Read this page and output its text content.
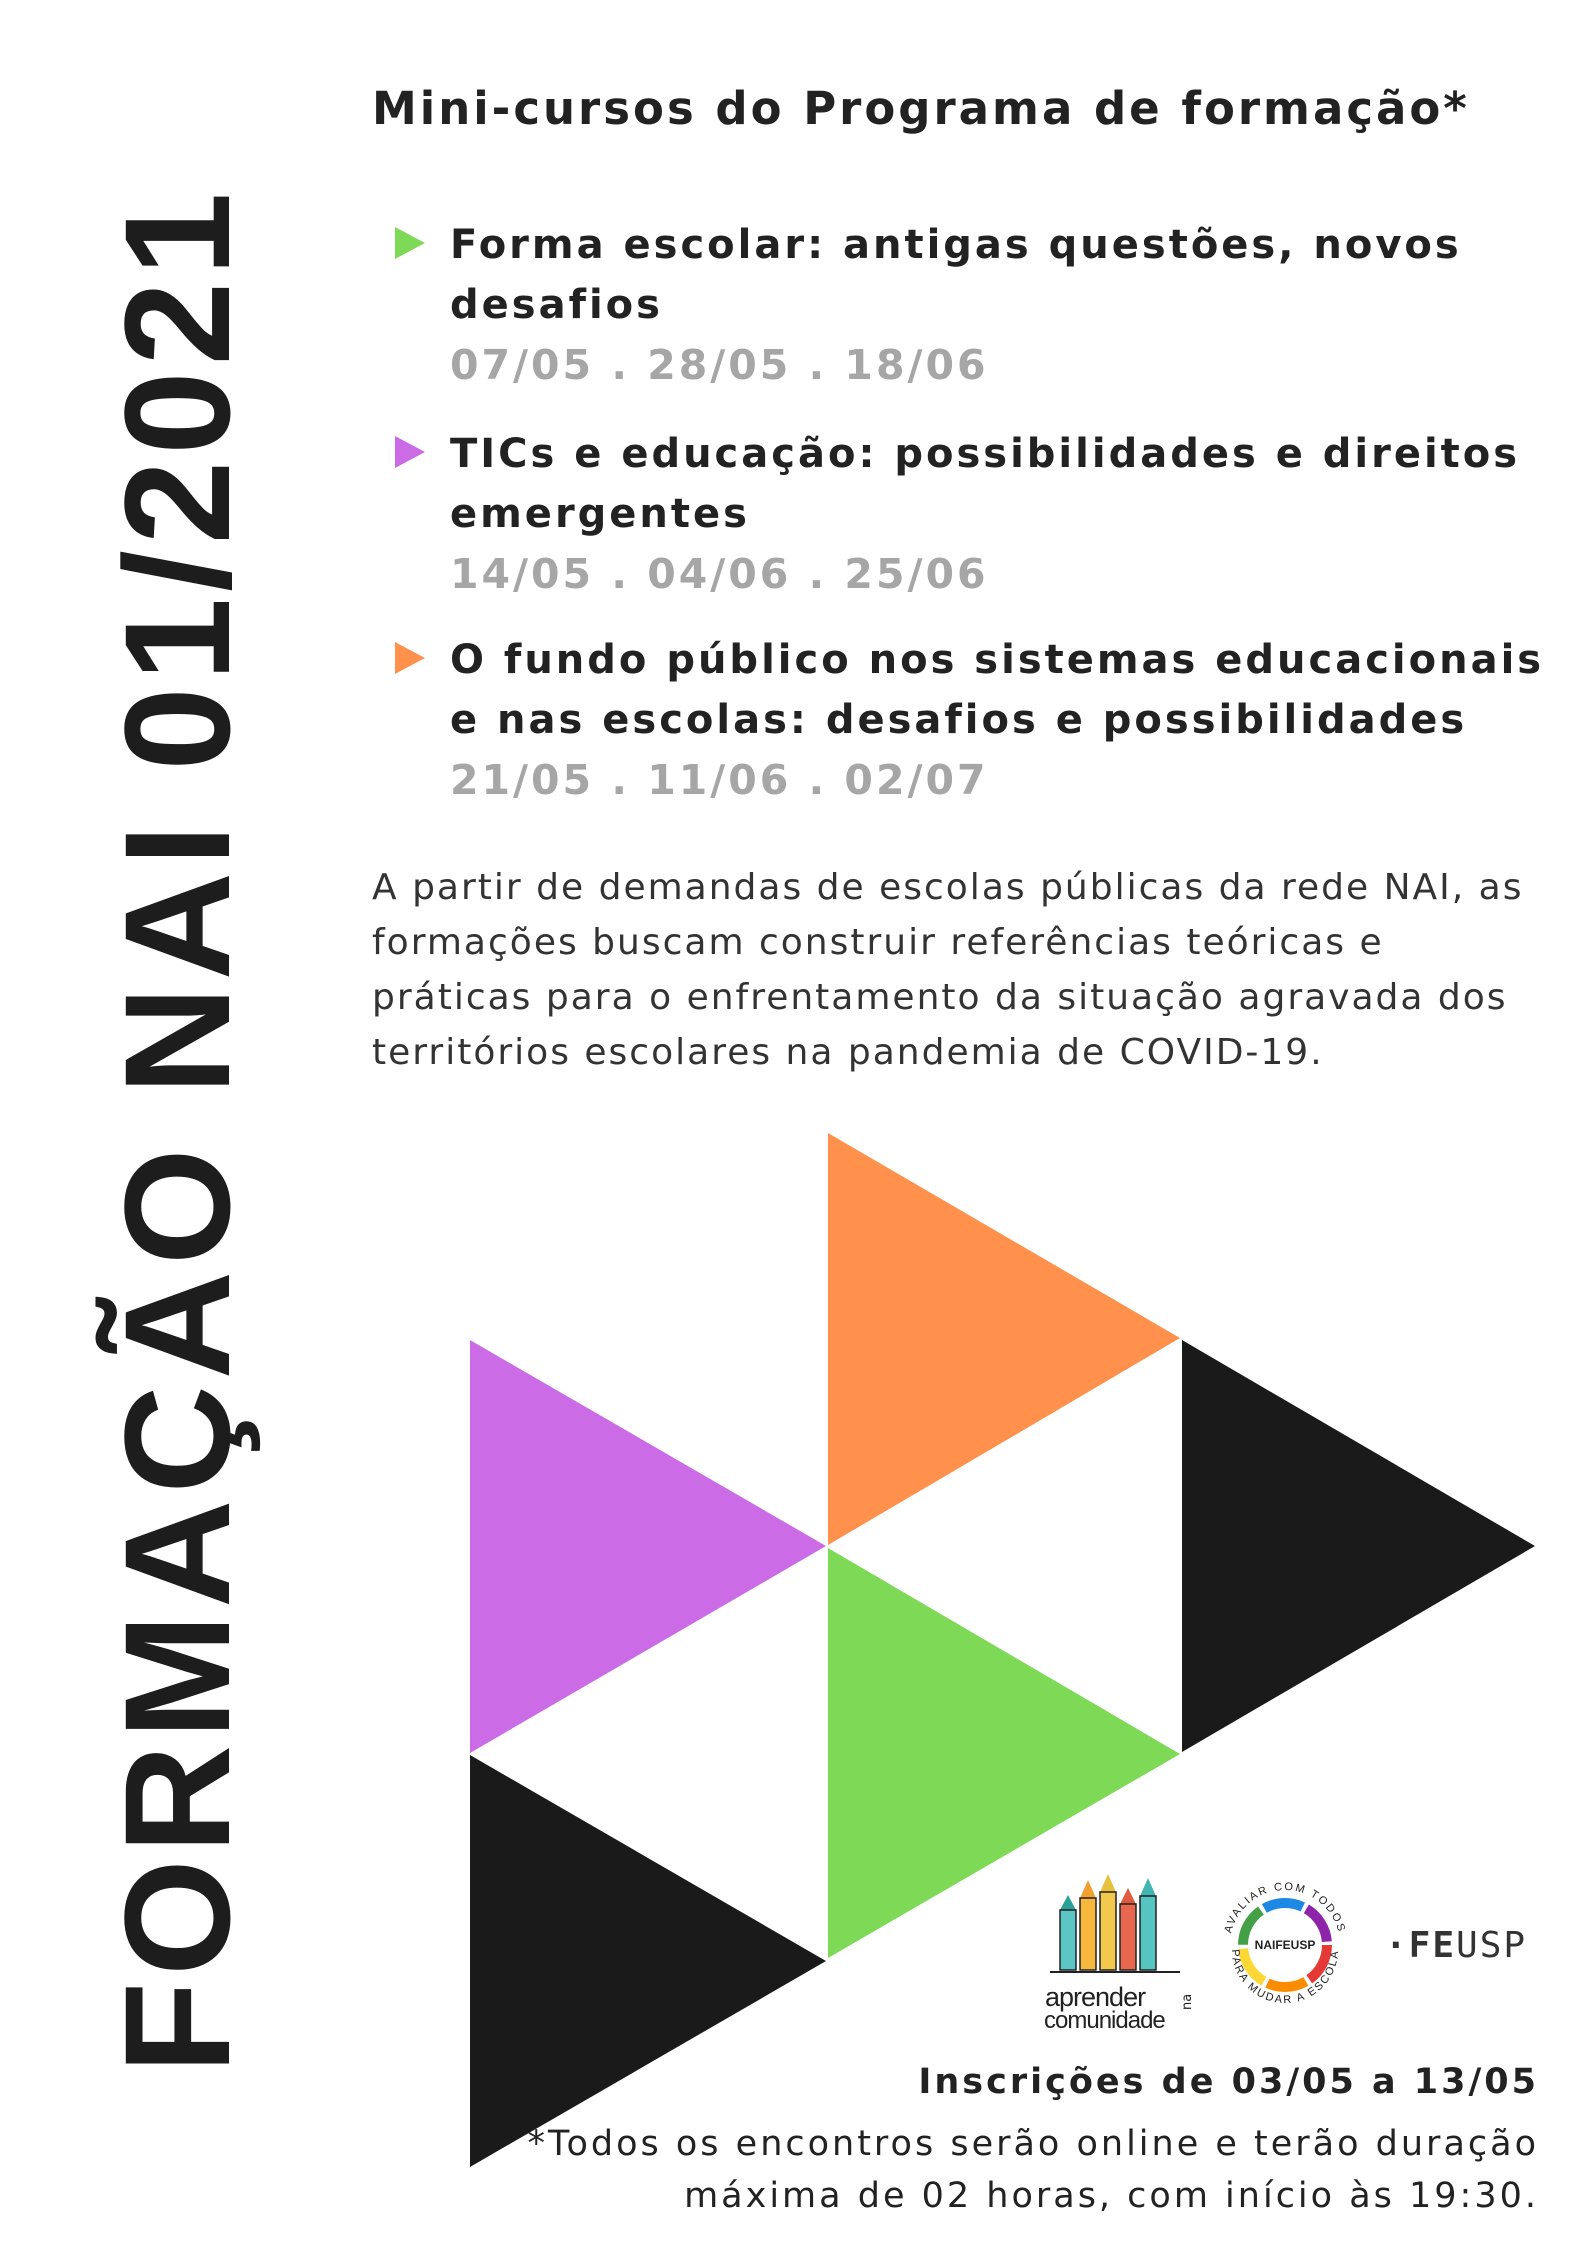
FORMAÇÃO NAI 01/2021
Mini-cursos do Programa de formação*
Forma escolar: antigas questões, novos desafios
07/05 . 28/05 . 18/06
TICs e educação: possibilidades e direitos emergentes
14/05 . 04/06 . 25/06
O fundo público nos sistemas educacionais e nas escolas: desafios e possibilidades
21/05 . 11/06 . 02/07
A partir de demandas de escolas públicas da rede NAI, as formações buscam construir referências teóricas e práticas para o enfrentamento da situação agravada dos territórios escolares na pandemia de COVID-19.
aprender
comunidade
na
NAIFEUSP
AVALIAR COM TODOS
PARA MUDAR A ESCOLA ·FEUSP
Inscrições de 03/05 a 13/05
*Todos os encontros serão online e terão duração máxima de 02 horas, com início às 19:30.
